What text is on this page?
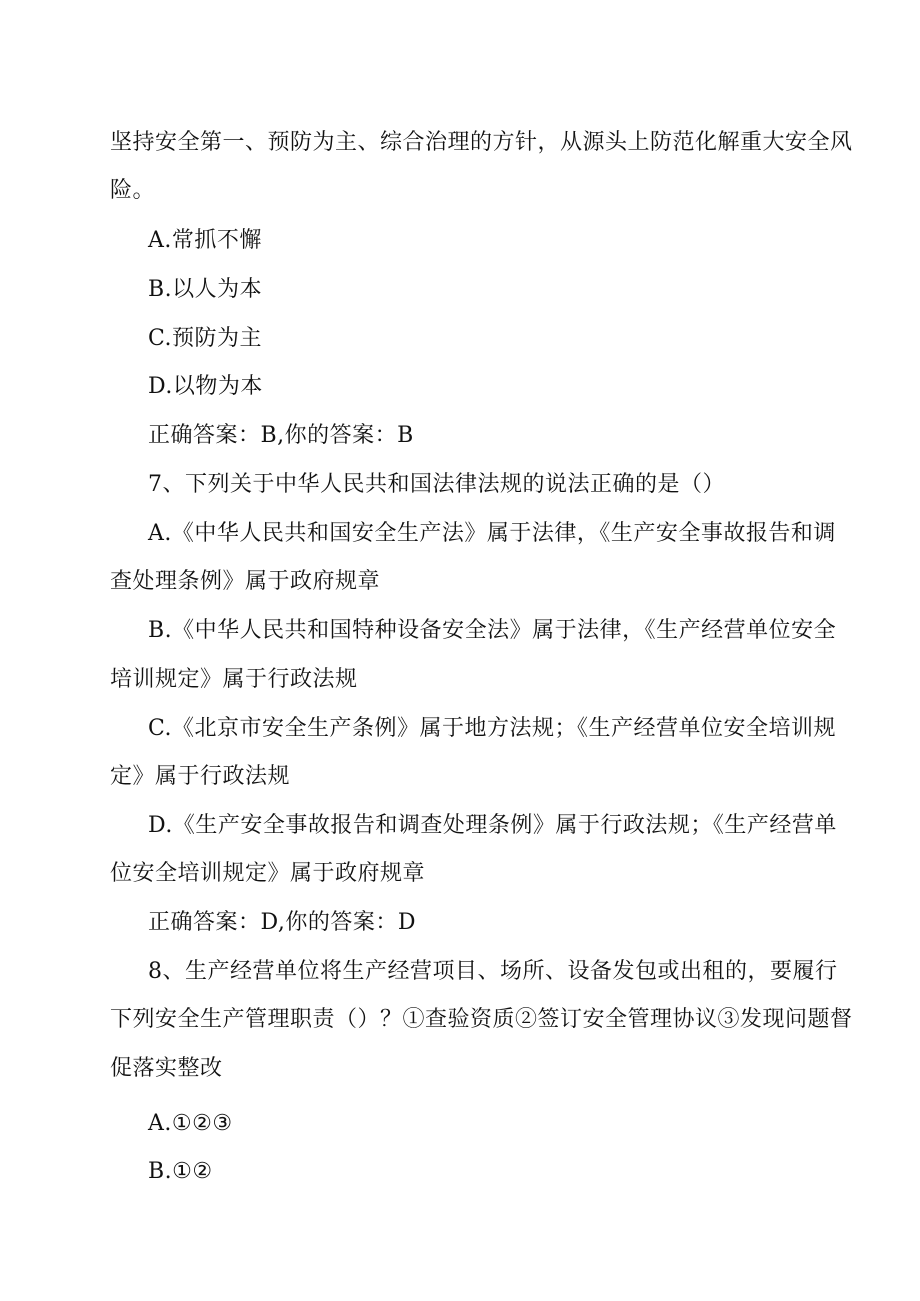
坚持安全第一、预防为主、综合治理的方针，从源头上防范化解重大安全风
险。
A.常抓不懈
B.以人为本
C.预防为主
D.以物为本
正确答案：B,你的答案：B
7、下列关于中华人民共和国法律法规的说法正确的是（）
A.《中华人民共和国安全生产法》属于法律，《生产安全事故报告和调
查处理条例》属于政府规章
B.《中华人民共和国特种设备安全法》属于法律，《生产经营单位安全
培训规定》属于行政法规
C.《北京市安全生产条例》属于地方法规；《生产经营单位安全培训规
定》属于行政法规
D.《生产安全事故报告和调查处理条例》属于行政法规；《生产经营单
位安全培训规定》属于政府规章
正确答案：D,你的答案：D
8、生产经营单位将生产经营项目、场所、设备发包或出租的，要履行
下列安全生产管理职责（）？①查验资质②签订安全管理协议③发现问题督
促落实整改
A.①②③
B.①②
